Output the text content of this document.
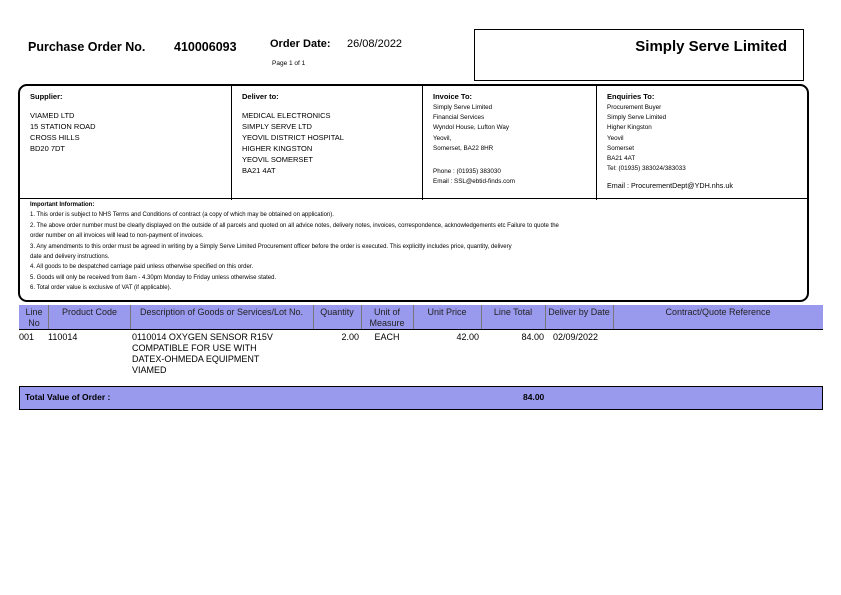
Purchase Order No. 410006093	Order Date: 26/08/2022
Page 1 of 1
Simply Serve Limited
Supplier:
VIAMED LTD
15 STATION ROAD
CROSS HILLS
BD20 7DT
Deliver to:
MEDICAL ELECTRONICS
SIMPLY SERVE LTD
YEOVIL DISTRICT HOSPITAL
HIGHER KINGSTON
YEOVIL SOMERSET
BA21 4AT
Invoice To:
Simply Serve Limited
Financial Services
Wyndol House, Lufton Way
Yeovil,
Somerset, BA22 8HR
Phone : (01935) 383030
Email : SSL@ebtid-finds.com
Enquiries To:
Procurement Buyer
Simply Serve Limited
Higher Kingston
Yeovil
Somerset
BA21 4AT
Tel: (01935) 383024/383033
Email : ProcurementDept@YDH.nhs.uk
Important Information:
1. This order is subject to NHS Terms and Conditions of contract (a copy of which may be obtained on application).
2. The above order number must be clearly displayed on the outside of all parcels and quoted on all advice notes, delivery notes, invoices, correspondence, acknowledgements etc Failure to quote the
order number on all invoices will lead to non-payment of invoices.
3. Any amendments to this order must be agreed in writing by a Simply Serve Limited Procurement officer before the order is executed. This explicitly includes price, quantity, delivery
date and delivery instructions.
4. All goods to be despatched carriage paid unless otherwise specified on this order.
5. Goods will only be received from 8am - 4.30pm Monday to Friday unless otherwise stated.
6. Total order value is exclusive of VAT (if applicable).
Line No
Product Code	Description of Goods or Services/Lot No.	Quantity	Unit of Measure
Unit Price	Line Total	Deliver by Date	Contract/Quote Reference
001 110014	0110014 OXYGEN SENSOR R15V
COMPATIBLE FOR USE WITH
DATEX-OHMEDA EQUIPMENT
VIAMED
2.00	EACH	42.00	84.00 02/09/2022
Total Value of Order :	84.00
